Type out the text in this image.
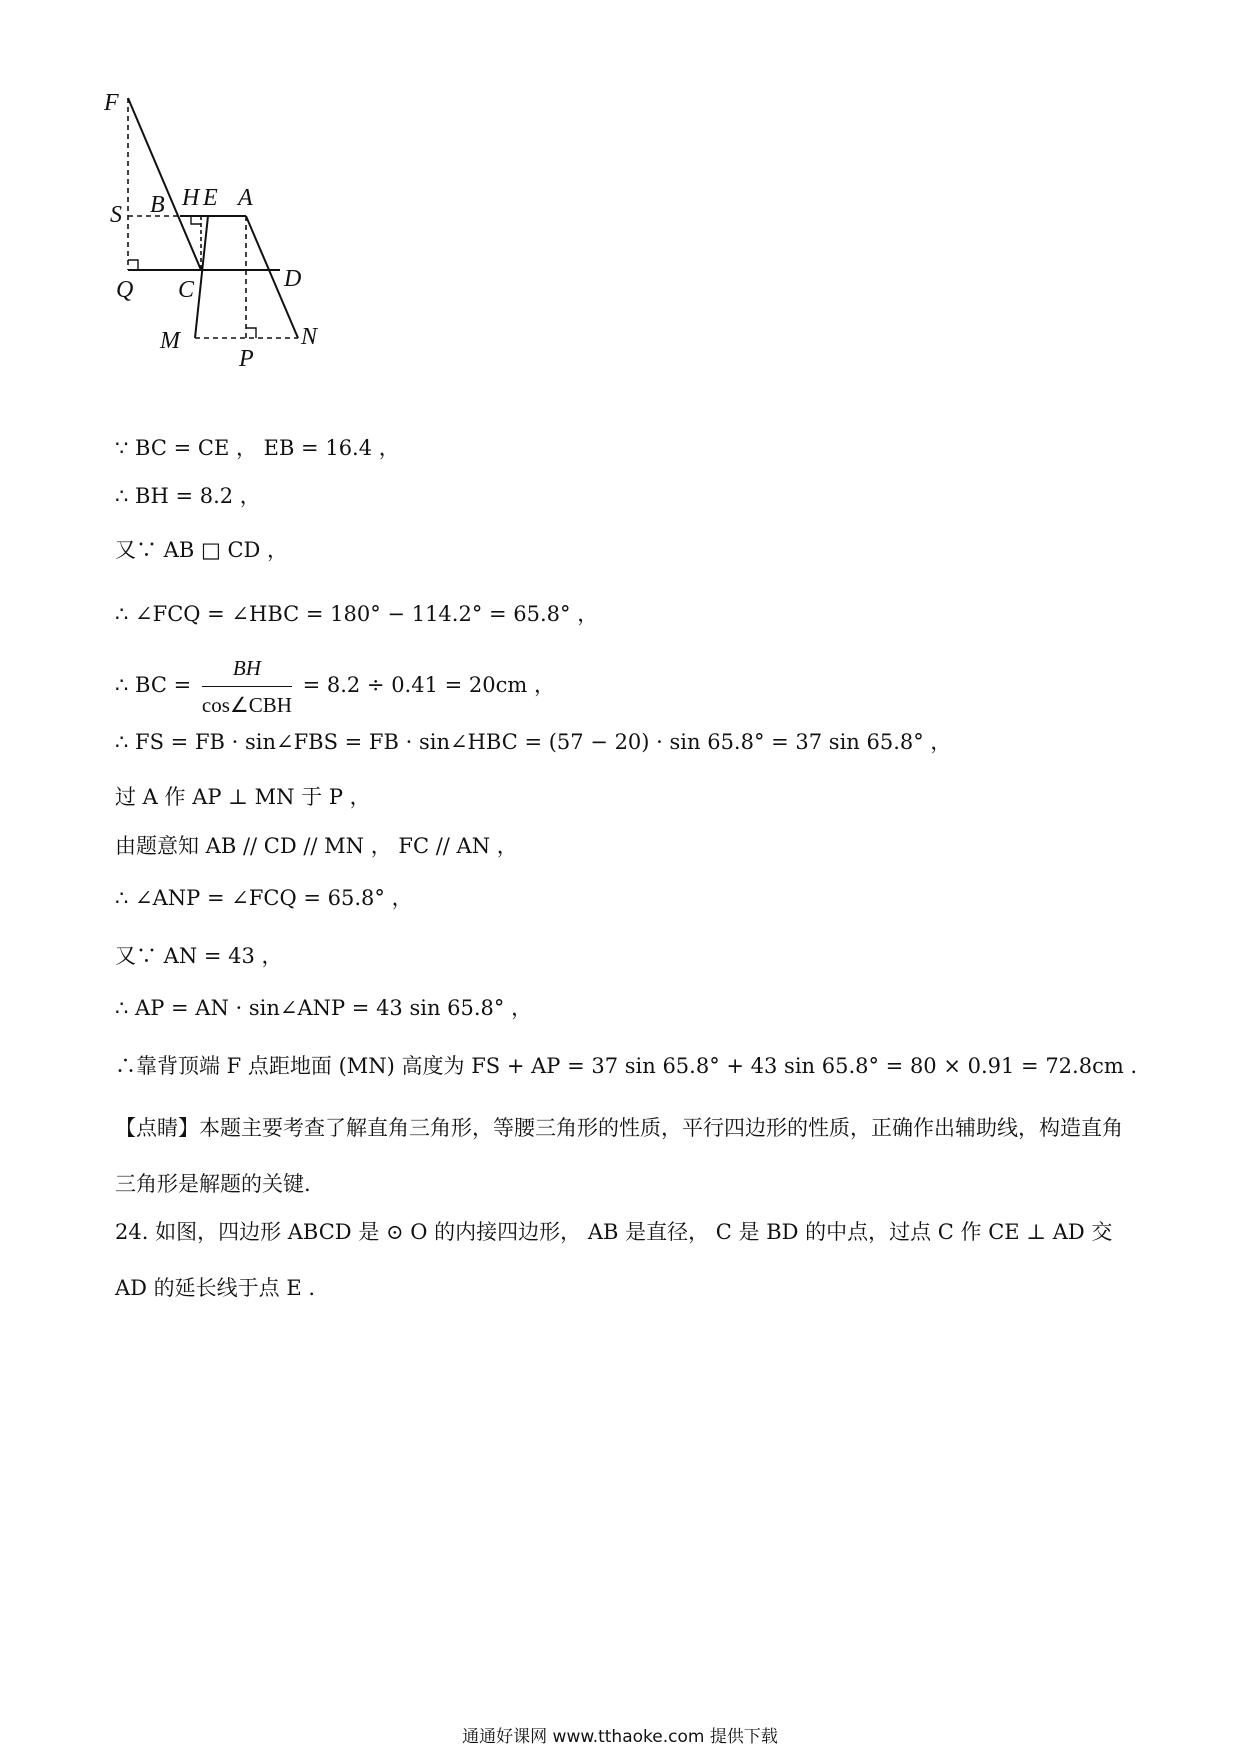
F
S B H E A
Q C	D
M
P
N
∵ BC = CE ， EB = 16.4 ，
∴ BH = 8.2 ，
又∵ AB □ CD ，
∴ ∠FCQ = ∠HBC = 180° − 114.2° = 65.8° ，
∴ BC = $\frac{BH}{\text{cos∠CBH}} = 8.2 \div 0.41 = 20cm$ ，
∴ FS = FB · sin∠FBS = FB · sin∠HBC = (57 − 20) · sin 65.8° = 37 sin 65.8° ，
过 A 作 AP ⊥ MN 于 P ，
由题意知 AB // CD // MN ， FC // AN ，
∴ ∠ANP = ∠FCQ = 65.8° ，
又∵ AN = 43 ，
∴ AP = AN · sin∠ANP = 43 sin 65.8° ，
∴靠背顶端 F 点距地面 (MN) 高度为 FS + AP = 37 sin 65.8° + 43 sin 65.8° = 80 × 0.91 = 72.8cm .
【点睛】本题主要考查了解直角三角形，等腰三角形的性质，平行四边形的性质，正确作出辅助线，构造直角三角形是解题的关键.
24. 如图，四边形 ABCD 是 ⊙ O 的内接四边形， AB 是直径， C 是 BD 的中点，过点 C 作 CE ⊥ AD 交
AD 的延长线于点 E .
通通好课网 www.tthaoke.com 提供下载
